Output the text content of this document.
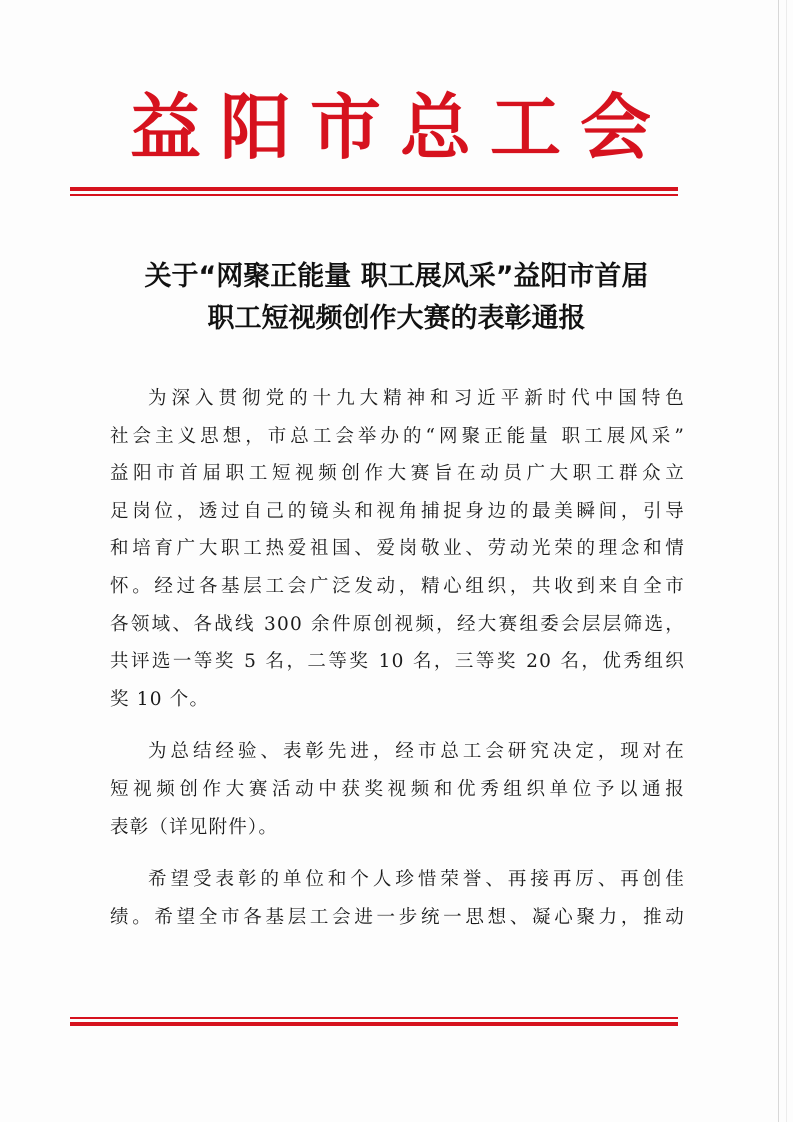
益阳市总工会
关于“网聚正能量 职工展风采”益阳市首届
职工短视频创作大赛的表彰通报

为深入贯彻党的十九大精神和习近平新时代中国特色
社会主义思想，市总工会举办的“网聚正能量 职工展风采”
益阳市首届职工短视频创作大赛旨在动员广大职工群众立
足岗位，透过自己的镜头和视角捕捉身边的最美瞬间，引导
和培育广大职工热爱祖国、爱岗敬业、劳动光荣的理念和情
怀。经过各基层工会广泛发动，精心组织，共收到来自全市
各领域、各战线 300 余件原创视频，经大赛组委会层层筛选，
共评选一等奖 5 名，二等奖 10 名，三等奖 20 名，优秀组织
奖 10 个。

为总结经验、表彰先进，经市总工会研究决定，现对在
短视频创作大赛活动中获奖视频和优秀组织单位予以通报
表彰（详见附件）。

希望受表彰的单位和个人珍惜荣誉、再接再厉、再创佳
绩。希望全市各基层工会进一步统一思想、凝心聚力，推动
